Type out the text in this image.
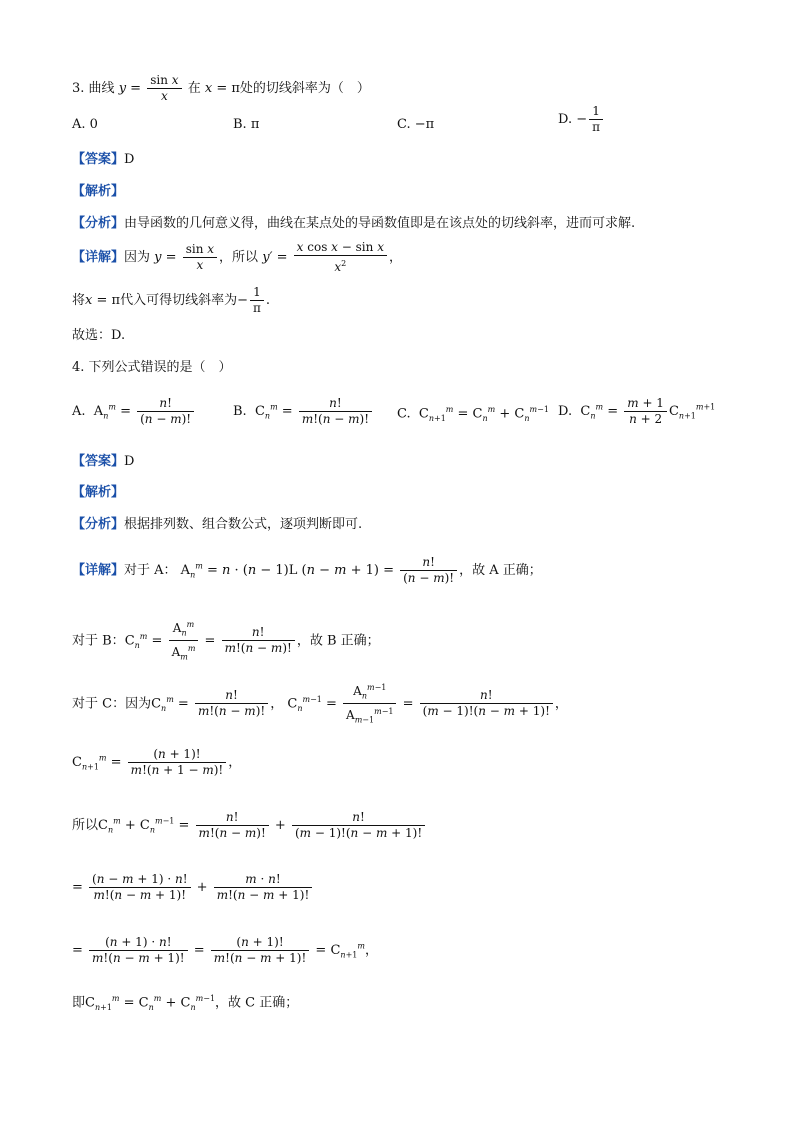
3. 曲线 $y = \frac{\text{sin x}}{x}$ 在 x = π处的切线斜率为（　）
A. 0	B. π	C. −π	D. − $\frac{1}{\pi}$
【答案】D
【解析】
【分析】由导函数的几何意义得，曲线在某点处的导函数值即是在该点处的切线斜率，进而可求解.
【详解】因为 $y = \frac{\text{sin x}}{x}$ ，所以 $y' = \frac{\text{x cos x − sin x}}{x^2}$ ，
将x = π代入可得切线斜率为− $\frac{1}{\pi}$ .
故选：D.
4. 下列公式错误的是（　）
A.  $A_n^m = \frac{n!}{(n - m)!}$	B.  $C_n^m = \frac{n!}{m!(n - m)!} C$.  $C_{n+1}^m = C_n^m + C_n^{m-1}$ D.  $C_n^m = \frac{m + 1}{n + 2} C_{n+1}^{m+1}$
【答案】D
【解析】
【分析】根据排列数、组合数公式，逐项判断即可.
【详解】对于 A： $A_n^m = n \cdot (n - 1)L$ $(n - m + 1) = \frac{n!}{(n - m)!}$ ，故 A 正确；
对于 B：$C_n^m = \frac{A_n^m}{A_m^m} = \frac{n!}{m!(n - m)!}$ ，故 B 正确；
对于 C：因为$C_n^m = \frac{n!}{m!(n - m)!}$ ， $C_n^{m-1} = \frac{A_n^{m-1}}{A_{m-1}^{m-1}} = \frac{n!}{(m - 1)!(n - m + 1)!}$ ，
$C_{n+1}^m = \frac{(n + 1)!}{m!(n + 1 - m)!}$ ，
所以$C_n^m + C_n^{m-1} = \frac{n!}{m!(n - m)!} + \frac{n!}{(m - 1)!(n - m + 1)!}$
= $\frac{(n - m + 1) \cdot n!}{m!(n - m + 1)!} + \frac{m \cdot n!}{m!(n - m + 1)!}$
= $\frac{(n + 1) \cdot n!}{m!(n - m + 1)!} = \frac{(n + 1)!}{m!(n - m + 1)!} = C_{n+1}^m$，
即$C_{n+1}^m = C_n^m + C_n^{m-1}$，故 C 正确；
